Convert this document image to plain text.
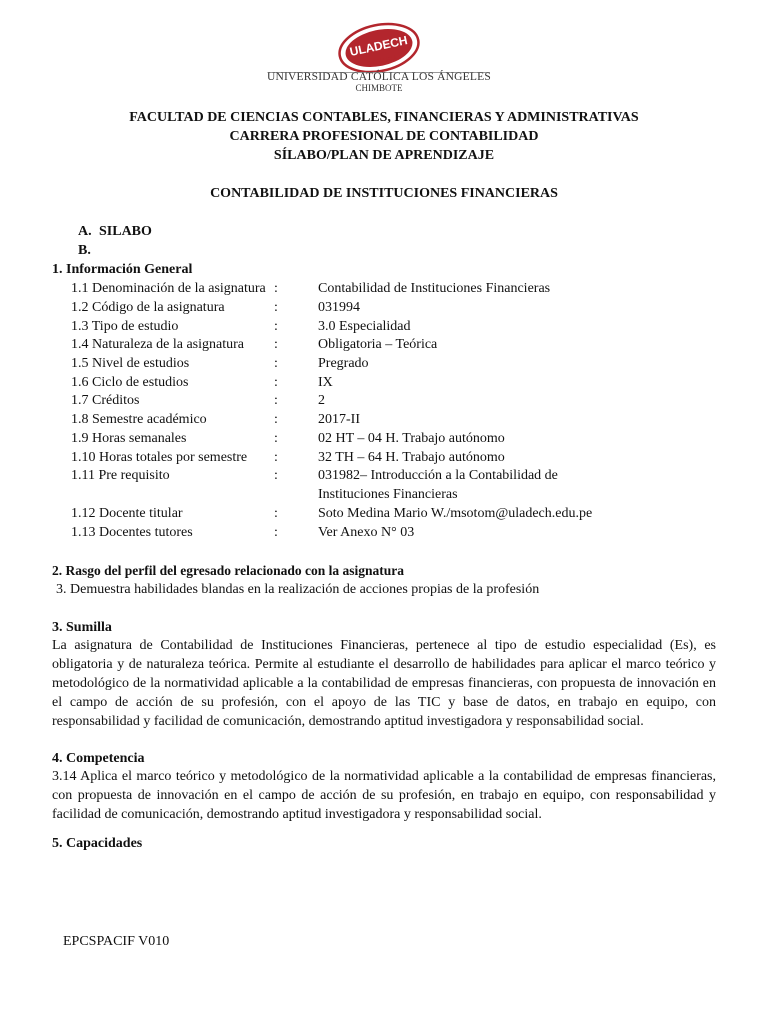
ULADECH
CATÓLICA
UNIVERSIDAD CATÓLICA LOS ÁNGELES
CHIMBOTE
FACULTAD DE CIENCIAS CONTABLES, FINANCIERAS Y ADMINISTRATIVAS
CARRERA PROFESIONAL DE CONTABILIDAD
SÍLABO/PLAN DE APRENDIZAJE
CONTABILIDAD DE INSTITUCIONES FINANCIERAS
A. SILABO
B.
1. Información General
1.1 Denominación de la asignatura :	Contabilidad de Instituciones Financieras
1.2 Código de la asignatura	:	031994
1.3 Tipo de estudio	:	3.0 Especialidad
1.4 Naturaleza de la asignatura :	Obligatoria – Teórica
1.5 Nivel de estudios	:	Pregrado
1.6 Ciclo de estudios	:	IX
1.7 Créditos	:	2
1.8 Semestre académico	:	2017-II
1.9 Horas semanales	:	02 HT – 04 H. Trabajo autónomo
1.10 Horas totales por semestre :	32 TH – 64 H. Trabajo autónomo
1.11 Pre requisito	:	031982– Introducción a la Contabilidad de
Instituciones Financieras
1.12 Docente titular	:	Soto Medina Mario W./msotom@uladech.edu.pe
1.13 Docentes tutores	:	Ver Anexo N° 03
2. Rasgo del perfil del egresado relacionado con la asignatura
3. Demuestra habilidades blandas en la realización de acciones propias de la profesión
3. Sumilla
La asignatura de Contabilidad de Instituciones Financieras, pertenece al tipo de estudio especialidad (Es), es obligatoria y de naturaleza teórica. Permite al estudiante el desarrollo de habilidades para aplicar el marco teórico y metodológico de la normatividad aplicable a la contabilidad de empresas financieras, con propuesta de innovación en el campo de acción de su profesión, con el apoyo de las TIC y base de datos, en trabajo en equipo, con responsabilidad y facilidad de comunicación, demostrando aptitud investigadora y responsabilidad social.
4. Competencia
3.14 Aplica el marco teórico y metodológico de la normatividad aplicable a la contabilidad de empresas financieras, con propuesta de innovación en el campo de acción de su profesión, en trabajo en equipo, con responsabilidad y facilidad de comunicación, demostrando aptitud investigadora y responsabilidad social.
5. Capacidades
EPCSPACIF V010
